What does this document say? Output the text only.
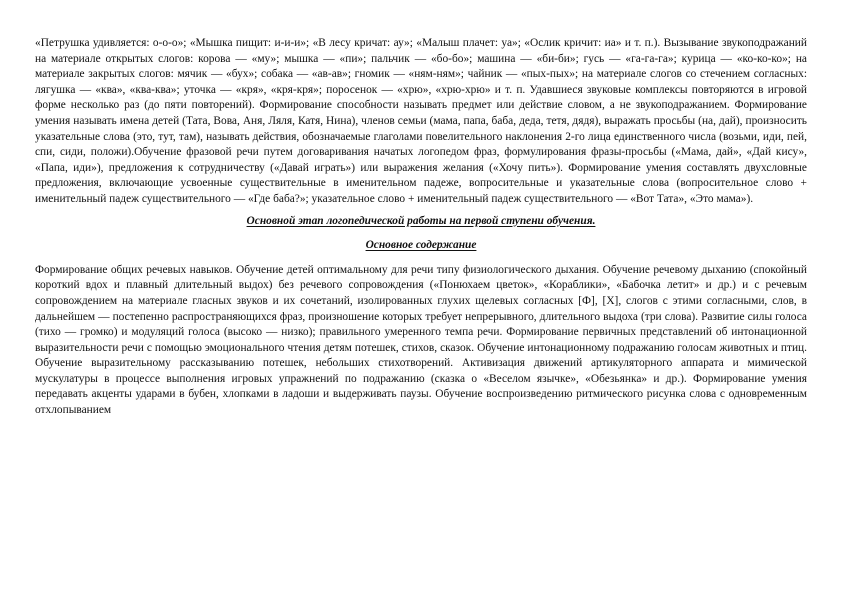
«Петрушка удивляется: о-о-о»; «Мышка пищит: и-и-и»; «В лесу кричат: ау»; «Малыш плачет: уа»; «Ослик кричит: иа» и т. п.). Вызывание звукоподражаний на материале открытых слогов: корова — «му»; мышка — «пи»; пальчик — «бо-бо»; машина — «би-би»; гусь — «га-га-га»; курица — «ко-ко-ко»; на материале закрытых слогов: мячик — «бух»; собака — «ав-ав»; гномик — «ням-ням»; чайник — «пых-пых»; на материале слогов со стечением согласных: лягушка — «ква», «ква-ква»; уточка — «кря», «кря-кря»; поросенок — «хрю», «хрю-хрю» и т. п. Удавшиеся звуковые комплексы повторяются в игровой форме несколько раз (до пяти повторений). Формирование способности называть предмет или действие словом, а не звукоподражанием. Формирование умения называть имена детей (Тата, Вова, Аня, Ляля, Катя, Нина), членов семьи (мама, папа, баба, деда, тетя, дядя), выражать просьбы (на, дай), произносить указательные слова (это, тут, там), называть действия, обозначаемые глаголами повелительного наклонения 2-го лица единственного числа (возьми, иди, пей, спи, сиди, положи).Обучение фразовой речи путем договаривания начатых логопедом фраз, формулирования фразы-просьбы («Мама, дай», «Дай кису», «Папа, иди»), предложения к сотрудничеству («Давай играть») или выражения желания («Хочу пить»). Формирование умения составлять двухсловные предложения, включающие усвоенные существительные в именительном падеже, вопросительные и указательные слова (вопросительное слово + именительный падеж существительного — «Где баба?»; указательное слово + именительный падеж существительного — «Вот Тата», «Это мама»).

Основной этап логопедической работы на первой ступени обучения.

Основное содержание

Формирование общих речевых навыков. Обучение детей оптимальному для речи типу физиологического дыхания. Обучение речевому дыханию (спокойный короткий вдох и плавный длительный выдох) без речевого сопровождения («Понюхаем цветок», «Кораблики», «Бабочка летит» и др.) и с речевым сопровождением на материале гласных звуков и их сочетаний, изолированных глухих щелевых согласных [Ф], [Х], слогов с этими согласными, слов, в дальнейшем — постепенно распространяющихся фраз, произношение которых требует непрерывного, длительного выдоха (три слова). Развитие силы голоса (тихо — громко) и модуляций голоса (высоко — низко); правильного умеренного темпа речи. Формирование первичных представлений об интонационной выразительности речи с помощью эмоционального чтения детям потешек, стихов, сказок. Обучение интонационному подражанию голосам животных и птиц. Обучение выразительному рассказыванию потешек, небольших стихотворений. Активизация движений артикуляторного аппарата и мимической мускулатуры в процессе выполнения игровых упражнений по подражанию (сказка о «Веселом язычке», «Обезьянка» и др.). Формирование умения передавать акценты ударами в бубен, хлопками в ладоши и выдерживать паузы. Обучение воспроизведению ритмического рисунка слова с одновременным отхлопыванием
